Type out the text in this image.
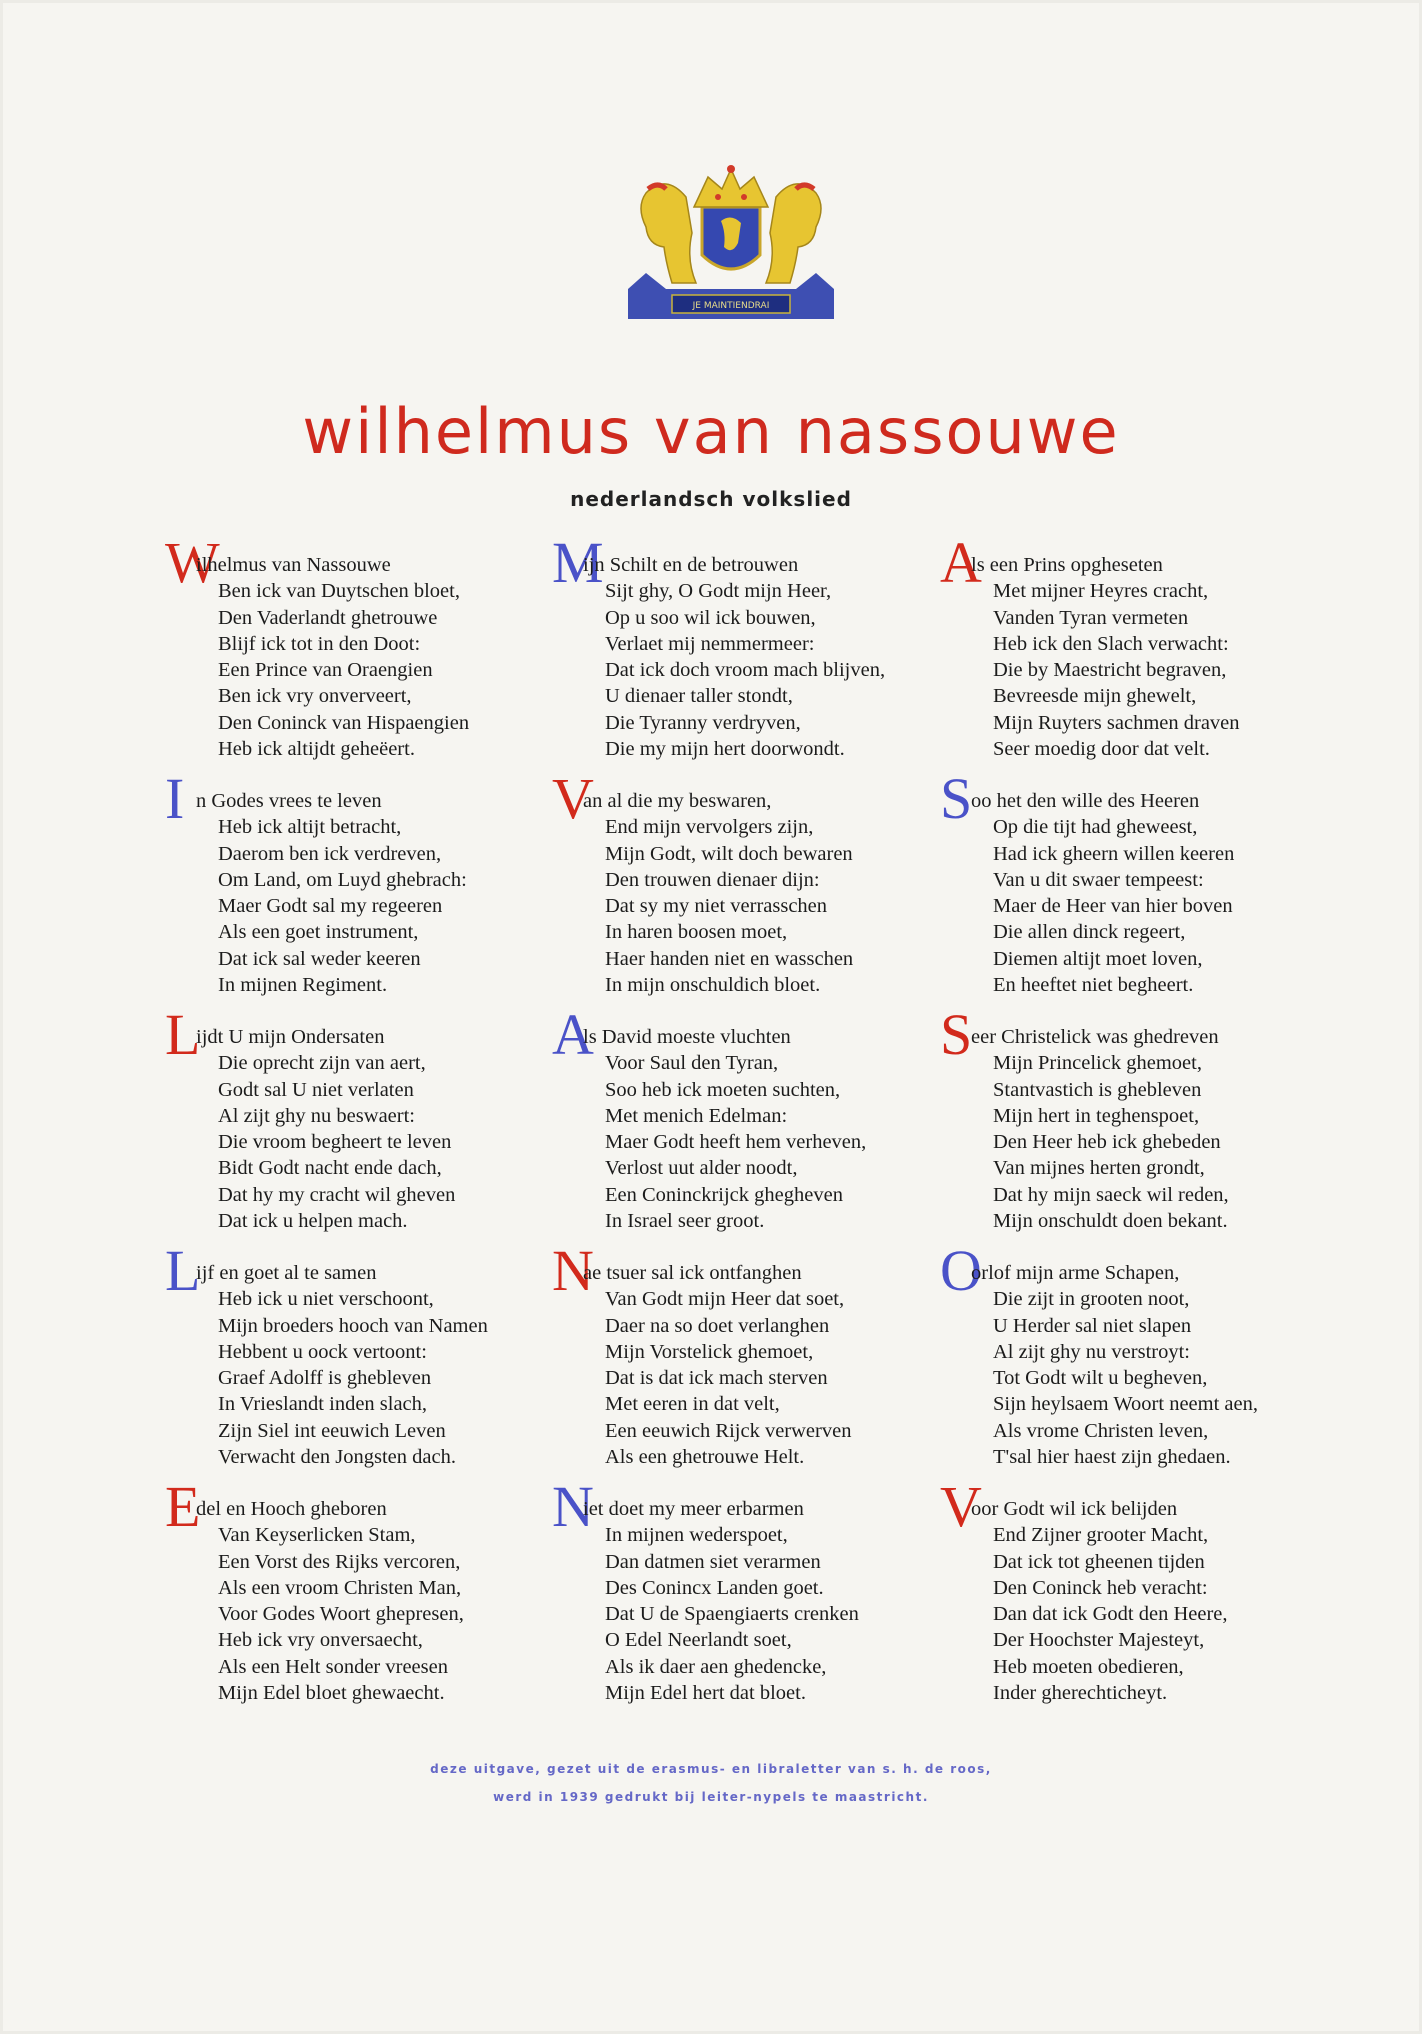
JE MAINTIENDRAI
wilhelmus van nassouwe
nederlandsch volkslied
W
ilhelmus van Nassouwe
Ben ick van Duytschen bloet,
Den Vaderlandt ghetrouwe
Blijf ick tot in den Doot:
Een Prince van Oraengien
Ben ick vry onverveert,
Den Coninck van Hispaengien
Heb ick altijdt geheëert.
In Godes vrees te leven
Heb ick altijt betracht,
Daerom ben ick verdreven,
Om Land, om Luyd ghebrach:
Maer Godt sal my regeeren
Als een goet instrument,
Dat ick sal weder keeren
In mijnen Regiment.
L
ijdt U mijn Ondersaten
Die oprecht zijn van aert,
Godt sal U niet verlaten
Al zijt ghy nu beswaert:
Die vroom begheert te leven
Bidt Godt nacht ende dach,
Dat hy my cracht wil gheven
Dat ick u helpen mach.
L
ijf en goet al te samen
Heb ick u niet verschoont,
Mijn broeders hooch van Namen
Hebbent u oock vertoont:
Graef Adolff is ghebleven
In Vrieslandt inden slach,
Zijn Siel int eeuwich Leven
Verwacht den Jongsten dach.
E
del en Hooch gheboren
Van Keyserlicken Stam,
Een Vorst des Rijks vercoren,
Als een vroom Christen Man,
Voor Godes Woort ghepresen,
Heb ick vry onversaecht,
Als een Helt sonder vreesen
Mijn Edel bloet ghewaecht.
M
ijn Schilt en de betrouwen
Sijt ghy, O Godt mijn Heer,
Op u soo wil ick bouwen,
Verlaet mij nemmermeer:
Dat ick doch vroom mach blijven,
U dienaer taller stondt,
Die Tyranny verdryven,
Die my mijn hert doorwondt.
V
an al die my beswaren,
End mijn vervolgers zijn,
Mijn Godt, wilt doch bewaren
Den trouwen dienaer dijn:
Dat sy my niet verrasschen
In haren boosen moet,
Haer handen niet en wasschen
In mijn onschuldich bloet.
A
ls David moeste vluchten
Voor Saul den Tyran,
Soo heb ick moeten suchten,
Met menich Edelman:
Maer Godt heeft hem verheven,
Verlost uut alder noodt,
Een Coninckrijck ghegheven
In Israel seer groot.
N
ae tsuer sal ick ontfanghen
Van Godt mijn Heer dat soet,
Daer na so doet verlanghen
Mijn Vorstelick ghemoet,
Dat is dat ick mach sterven
Met eeren in dat velt,
Een eeuwich Rijck verwerven
Als een ghetrouwe Helt.
N
iet doet my meer erbarmen
In mijnen wederspoet,
Dan datmen siet verarmen
Des Conincx Landen goet.
Dat U de Spaengiaerts crenken
O Edel Neerlandt soet,
Als ik daer aen ghedencke,
Mijn Edel hert dat bloet.
A
ls een Prins opgheseten
Met mijner Heyres cracht,
Vanden Tyran vermeten
Heb ick den Slach verwacht:
Die by Maestricht begraven,
Bevreesde mijn ghewelt,
Mijn Ruyters sachmen draven
Seer moedig door dat velt.
S
oo het den wille des Heeren
Op die tijt had gheweest,
Had ick gheern willen keeren
Van u dit swaer tempeest:
Maer de Heer van hier boven
Die allen dinck regeert,
Diemen altijt moet loven,
En heeftet niet begheert.
S
eer Christelick was ghedreven
Mijn Princelick ghemoet,
Stantvastich is ghebleven
Mijn hert in teghenspoet,
Den Heer heb ick ghebeden
Van mijnes herten grondt,
Dat hy mijn saeck wil reden,
Mijn onschuldt doen bekant.
O
orlof mijn arme Schapen,
Die zijt in grooten noot,
U Herder sal niet slapen
Al zijt ghy nu verstroyt:
Tot Godt wilt u begheven,
Sijn heylsaem Woort neemt aen,
Als vrome Christen leven,
T'sal hier haest zijn ghedaen.
V
oor Godt wil ick belijden
End Zijner grooter Macht,
Dat ick tot gheenen tijden
Den Coninck heb veracht:
Dan dat ick Godt den Heere,
Der Hoochster Majesteyt,
Heb moeten obedieren,
Inder gherechticheyt.
deze uitgave, gezet uit de erasmus- en libraletter van s. h. de roos,
werd in 1939 gedrukt bij leiter-nypels te maastricht.
